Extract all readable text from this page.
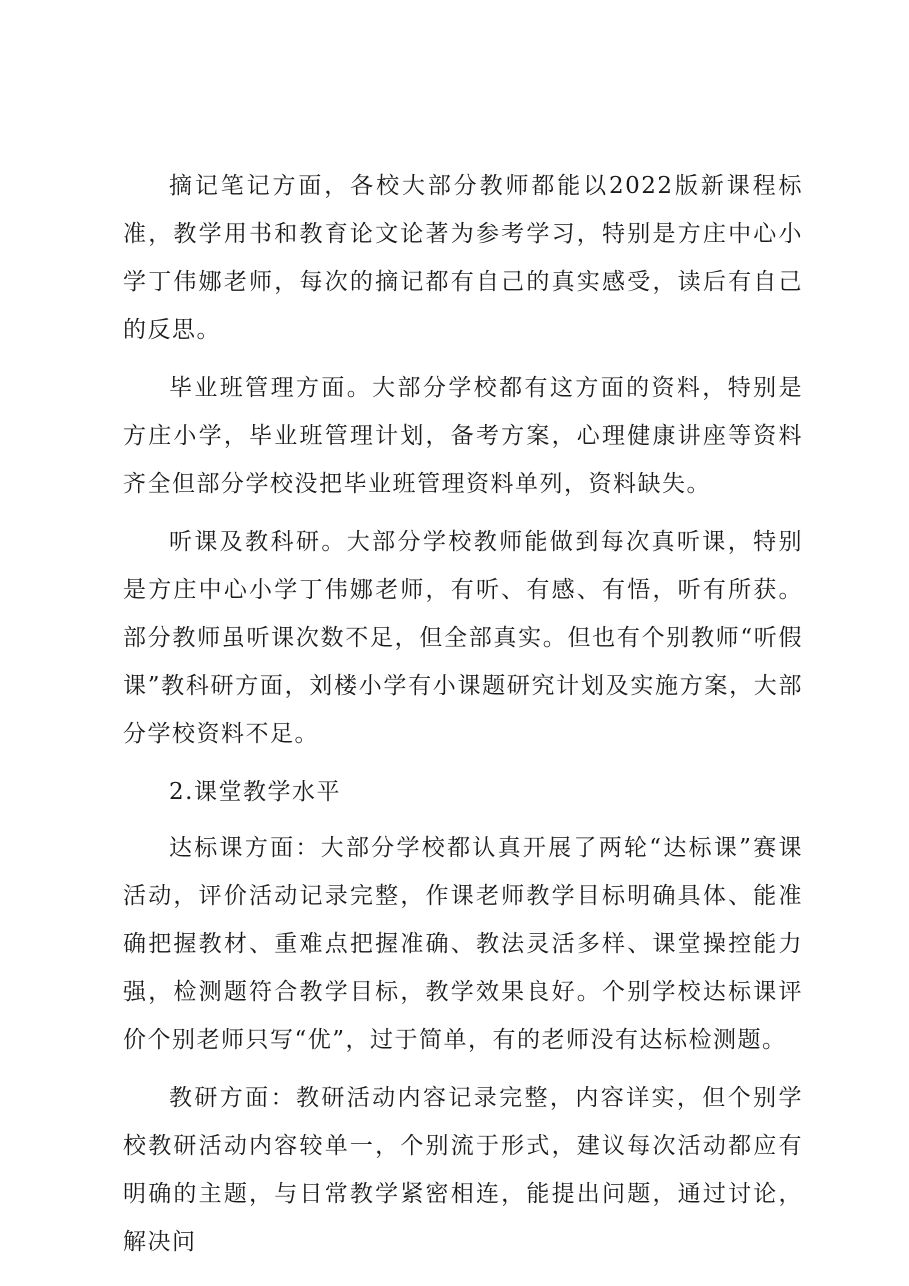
摘记笔记方面，各校大部分教师都能以2022版新课程标准，教学用书和教育论文论著为参考学习，特别是方庄中心小学丁伟娜老师，每次的摘记都有自己的真实感受，读后有自己的反思。

毕业班管理方面。大部分学校都有这方面的资料，特别是方庄小学，毕业班管理计划，备考方案，心理健康讲座等资料齐全但部分学校没把毕业班管理资料单列，资料缺失。

听课及教科研。大部分学校教师能做到每次真听课，特别是方庄中心小学丁伟娜老师，有听、有感、有悟，听有所获。部分教师虽听课次数不足，但全部真实。但也有个别教师“听假课”教科研方面，刘楼小学有小课题研究计划及实施方案，大部分学校资料不足。

2.课堂教学水平

达标课方面：大部分学校都认真开展了两轮“达标课”赛课活动，评价活动记录完整，作课老师教学目标明确具体、能准确把握教材、重难点把握准确、教法灵活多样、课堂操控能力强，检测题符合教学目标，教学效果良好。个别学校达标课评价个别老师只写“优”，过于简单，有的老师没有达标检测题。

教研方面：教研活动内容记录完整，内容详实，但个别学校教研活动内容较单一，个别流于形式，建议每次活动都应有明确的主题，与日常教学紧密相连，能提出问题，通过讨论，解决问
